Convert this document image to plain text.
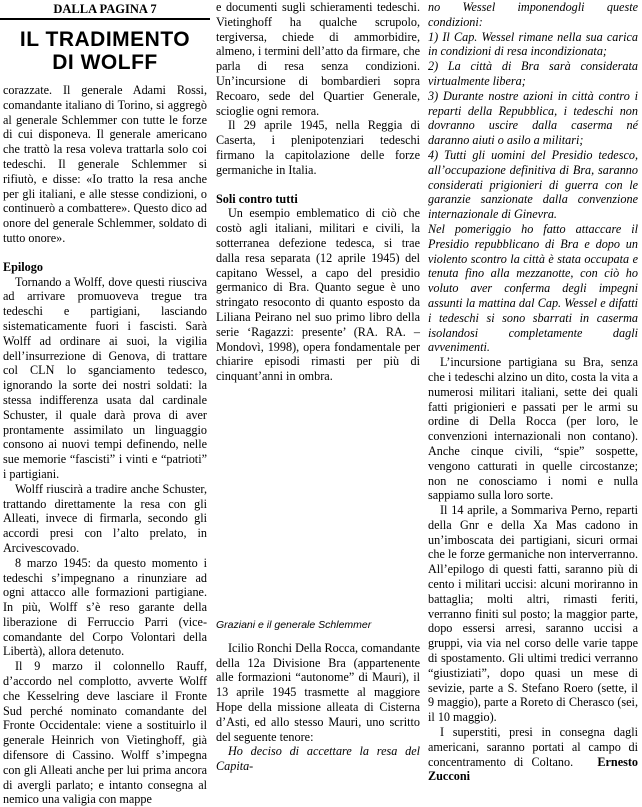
DALLA PAGINA 7
IL TRADIMENTO
DI WOLFF

corazzate. Il generale Adami Rossi, comandante italiano di Torino, si aggregò al generale Schlemmer con tutte le forze di cui disponeva. Il generale americano che trattò la resa voleva trattarla solo coi tedeschi. Il generale Schlemmer si rifiutò, e disse: «Io tratto la resa anche per gli italiani, e alle stesse condizioni, o continuerò a combattere». Questo dico ad onore del generale Schlemmer, soldato di tutto onore».

Epilogo

Tornando a Wolff, dove questi riusciva ad arrivare promuoveva tregue tra tedeschi e partigiani, lasciando sistematicamente fuori i fascisti. Sarà Wolff ad ordinare ai suoi, la vigilia dell’insurrezione di Genova, di trattare col CLN lo sganciamento tedesco, ignorando la sorte dei nostri soldati: la stessa indifferenza usata dal cardinale Schuster, il quale darà prova di aver prontamente assimilato un linguaggio consono ai nuovi tempi definendo, nelle sue memorie “fascisti” i vinti e “patrioti” i partigiani.

Wolff riuscirà a tradire anche Schuster, trattando direttamente la resa con gli Alleati, invece di firmarla, secondo gli accordi presi con l’alto prelato, in Arcivescovado.

8 marzo 1945: da questo momento i tedeschi s’impegnano a rinunziare ad ogni attacco alle formazioni partigiane. In più, Wolff s’è reso garante della liberazione di Ferruccio Parri (vice-comandante del Corpo Volontari della Libertà), allora detenuto.

Il 9 marzo il colonnello Rauff, d’accordo nel complotto, avverte Wolff che Kesselring deve lasciare il Fronte Sud perché nominato comandante del Fronte Occidentale: viene a sostituirlo il generale Heinrich von Vietinghoff, già difensore di Cassino. Wolff s’impegna con gli Alleati anche per lui prima ancora di avergli parlato; e intanto consegna al nemico una valigia con mappe

e documenti sugli schieramenti tedeschi. Vietinghoff ha qualche scrupolo, tergiversa, chiede di ammorbidire, almeno, i termini dell’atto da firmare, che parla di resa senza condizioni. Un’incursione di bombardieri sopra Recoaro, sede del Quartier Generale, scioglie ogni remora.

Il 29 aprile 1945, nella Reggia di Caserta, i plenipotenziari tedeschi firmano la capitolazione delle forze germaniche in Italia.

Soli contro tutti

Un esempio emblematico di ciò che costò agli italiani, militari e civili, la sotterranea defezione tedesca, si trae dalla resa separata (12 aprile 1945) del capitano Wessel, a capo del presidio germanico di Bra. Quanto segue è uno stringato resoconto di quanto esposto da Liliana Peirano nel suo primo libro della serie ‘Ragazzi: presente’ (RA. RA. – Mondovì, 1998), opera fondamentale per chiarire episodi rimasti per più di cinquant’anni in ombra.

Graziani e il generale Schlemmer

Icilio Ronchi Della Rocca, comandante della 12a Divisione Bra (appartenente alle formazioni “autonome” di Mauri), il 13 aprile 1945 trasmette al maggiore Hope della missione alleata di Cisterna d’Asti, ed allo stesso Mauri, uno scritto del seguente tenore:

Ho deciso di accettare la resa del Capita-

no Wessel imponendogli queste condizioni:

1) Il Cap. Wessel rimane nella sua carica in condizioni di resa incondizionata;

2) La città di Bra sarà considerata virtualmente libera;

3) Durante nostre azioni in città contro i reparti della Repubblica, i tedeschi non dovranno uscire dalla caserma né daranno aiuti o asilo a militari;

4) Tutti gli uomini del Presidio tedesco, all’occupazione definitiva di Bra, saranno considerati prigionieri di guerra con le garanzie sanzionate dalla convenzione internazionale di Ginevra.

Nel pomeriggio ho fatto attaccare il Presidio repubblicano di Bra e dopo un violento scontro la città è stata occupata e tenuta fino alla mezzanotte, con ciò ho voluto aver conferma degli impegni assunti la mattina dal Cap. Wessel e difatti i tedeschi si sono sbarrati in caserma isolandosi completamente dagli avvenimenti.

L’incursione partigiana su Bra, senza che i tedeschi alzino un dito, costa la vita a numerosi militari italiani, sette dei quali fatti prigionieri e passati per le armi su ordine di Della Rocca (per loro, le convenzioni internazionali non contano). Anche cinque civili, “spie” sospette, vengono catturati in quelle circostanze; non ne conosciamo i nomi e nulla sappiamo sulla loro sorte.

Il 14 aprile, a Sommariva Perno, reparti della Gnr e della Xa Mas cadono in un’imboscata dei partigiani, sicuri ormai che le forze germaniche non interverranno. All’epilogo di questi fatti, saranno più di cento i militari uccisi: alcuni moriranno in battaglia; molti altri, rimasti feriti, verranno finiti sul posto; la maggior parte, dopo essersi arresi, saranno uccisi a gruppi, via via nel corso delle varie tappe di spostamento. Gli ultimi tredici verranno “giustiziati”, dopo quasi un mese di sevizie, parte a S. Stefano Roero (sette, il 9 maggio), parte a Roreto di Cherasco (sei, il 10 maggio).

I superstiti, presi in consegna dagli americani, saranno portati al campo di concentramento di Coltano. Ernesto Zucconi
